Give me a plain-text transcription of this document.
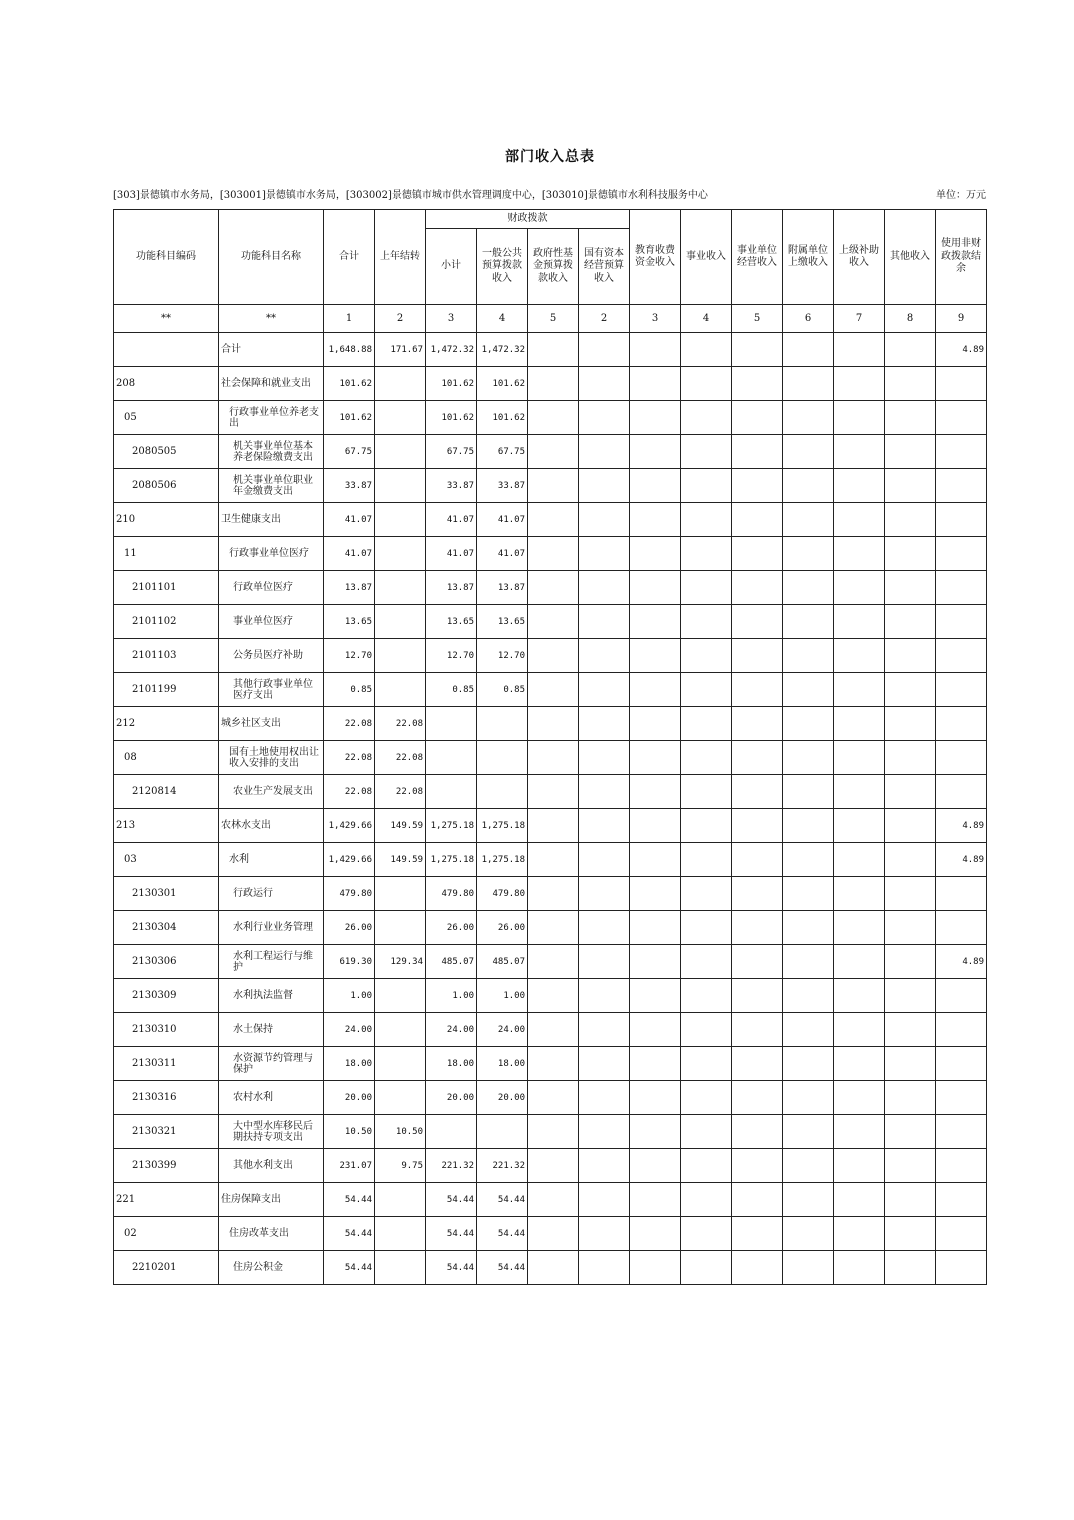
部门收入总表
[303]景德镇市水务局，[303001]景德镇市水务局，[303002]景德镇市城市供水管理调度中心，[303010]景德镇市水利科技服务中心	单位：万元
功能科目编码	功能科目名称	合计	上年结转	财政拨款				教育收费资金收入	事业收入	事业单位经营收入	附属单位上缴收入	上级补助收入	其他收入	使用非财政拨款结余
				小计	一般公共预算拨款收入	政府性基金预算拨款收入	国有资本经营预算收入							
**	**	1	2	3	4	5	2	3	4	5	6	7	8	9
	合计	1,648.88	171.67	1,472.32	1,472.32									4.89
208	社会保障和就业支出	101.62		101.62	101.62									
05	行政事业单位养老支出	101.62		101.62	101.62									
2080505	机关事业单位基本养老保险缴费支出	67.75		67.75	67.75									
2080506	机关事业单位职业年金缴费支出	33.87		33.87	33.87									
210	卫生健康支出	41.07		41.07	41.07									
11	行政事业单位医疗	41.07		41.07	41.07									
2101101	行政单位医疗	13.87		13.87	13.87									
2101102	事业单位医疗	13.65		13.65	13.65									
2101103	公务员医疗补助	12.70		12.70	12.70									
2101199	其他行政事业单位医疗支出	0.85		0.85	0.85									
212	城乡社区支出	22.08	22.08											
08	国有土地使用权出让收入安排的支出	22.08	22.08											
2120814	农业生产发展支出	22.08	22.08											
213	农林水支出	1,429.66	149.59	1,275.18	1,275.18									4.89
03	水利	1,429.66	149.59	1,275.18	1,275.18									4.89
2130301	行政运行	479.80		479.80	479.80									
2130304	水利行业业务管理	26.00		26.00	26.00									
2130306	水利工程运行与维护	619.30	129.34	485.07	485.07									4.89
2130309	水利执法监督	1.00		1.00	1.00									
2130310	水土保持	24.00		24.00	24.00									
2130311	水资源节约管理与保护	18.00		18.00	18.00									
2130316	农村水利	20.00		20.00	20.00									
2130321	大中型水库移民后期扶持专项支出	10.50	10.50											
2130399	其他水利支出	231.07	9.75	221.32	221.32									
221	住房保障支出	54.44		54.44	54.44									
02	住房改革支出	54.44		54.44	54.44									
2210201	住房公积金	54.44		54.44	54.44									
